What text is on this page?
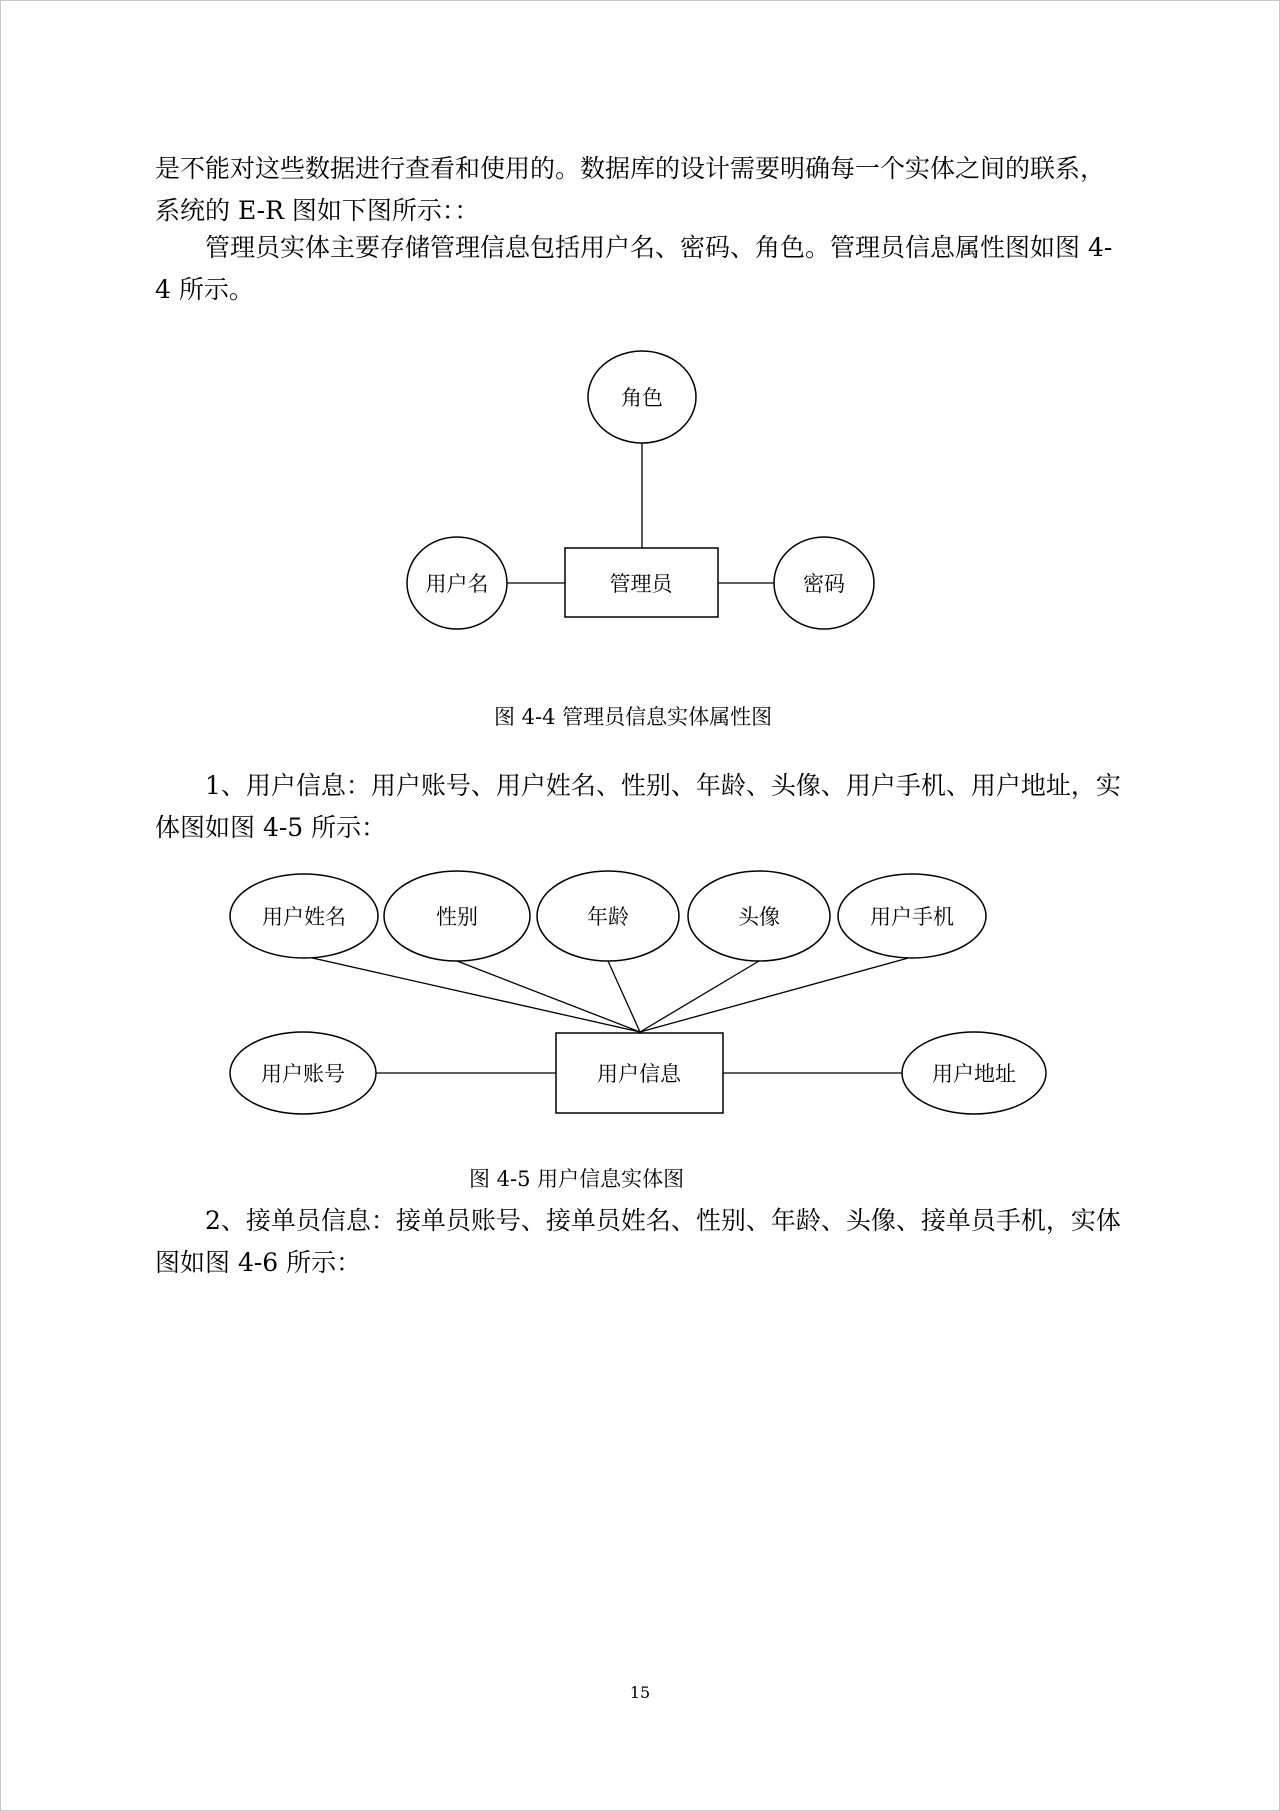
是不能对这些数据进行查看和使用的。数据库的设计需要明确每一个实体之间的联系，系统的 E-R 图如下图所示：：

管理员实体主要存储管理信息包括用户名、密码、角色。管理员信息属性图如图 4-4 所示。

角色
用户名	管理员	密码
用户姓名	性别	年龄	头像	用户手机
用户账号	用户信息	用户地址
图 4-4 管理员信息实体属性图

1、用户信息：用户账号、用户姓名、性别、年龄、头像、用户手机、用户地址，实体图如图 4-5 所示：

图 4-5 用户信息实体图

2、接单员信息：接单员账号、接单员姓名、性别、年龄、头像、接单员手机，实体图如图 4-6 所示：

15
